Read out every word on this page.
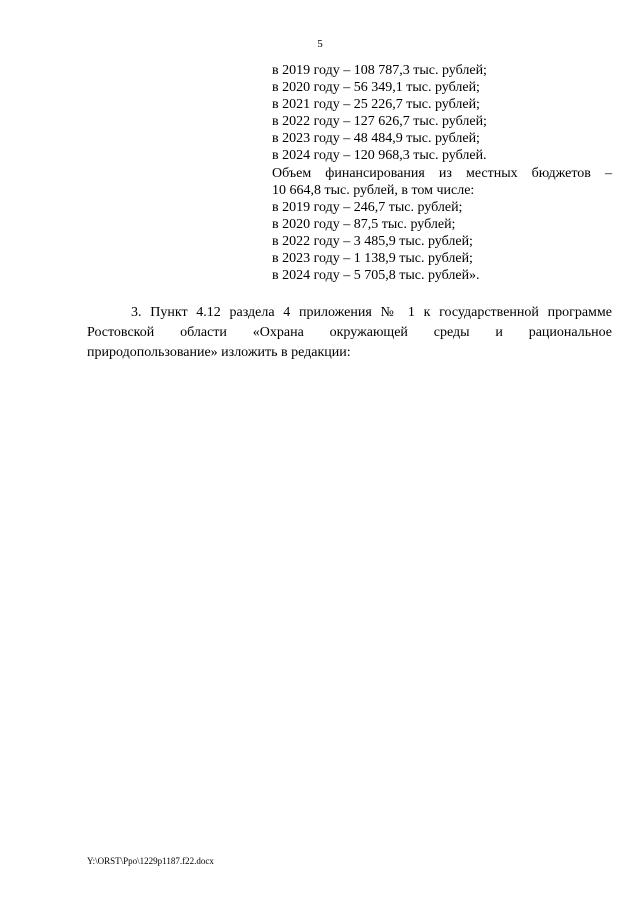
5
в 2019 году – 108 787,3 тыс. рублей;
в 2020 году – 56 349,1 тыс. рублей;
в 2021 году – 25 226,7 тыс. рублей;
в 2022 году – 127 626,7 тыс. рублей;
в 2023 году – 48 484,9 тыс. рублей;
в 2024 году – 120 968,3 тыс. рублей.
Объем финансирования из местных бюджетов –
10 664,8 тыс. рублей, в том числе:
в 2019 году – 246,7 тыс. рублей;
в 2020 году – 87,5 тыс. рублей;
в 2022 году – 3 485,9 тыс. рублей;
в 2023 году – 1 138,9 тыс. рублей;
в 2024 году – 5 705,8 тыс. рублей».
3. Пункт 4.12 раздела 4 приложения № 1 к государственной программе
Ростовской области «Охрана окружающей среды и рациональное
природопользование» изложить в редакции:
Y:\ORST\Ppo\1229p1187.f22.docx
